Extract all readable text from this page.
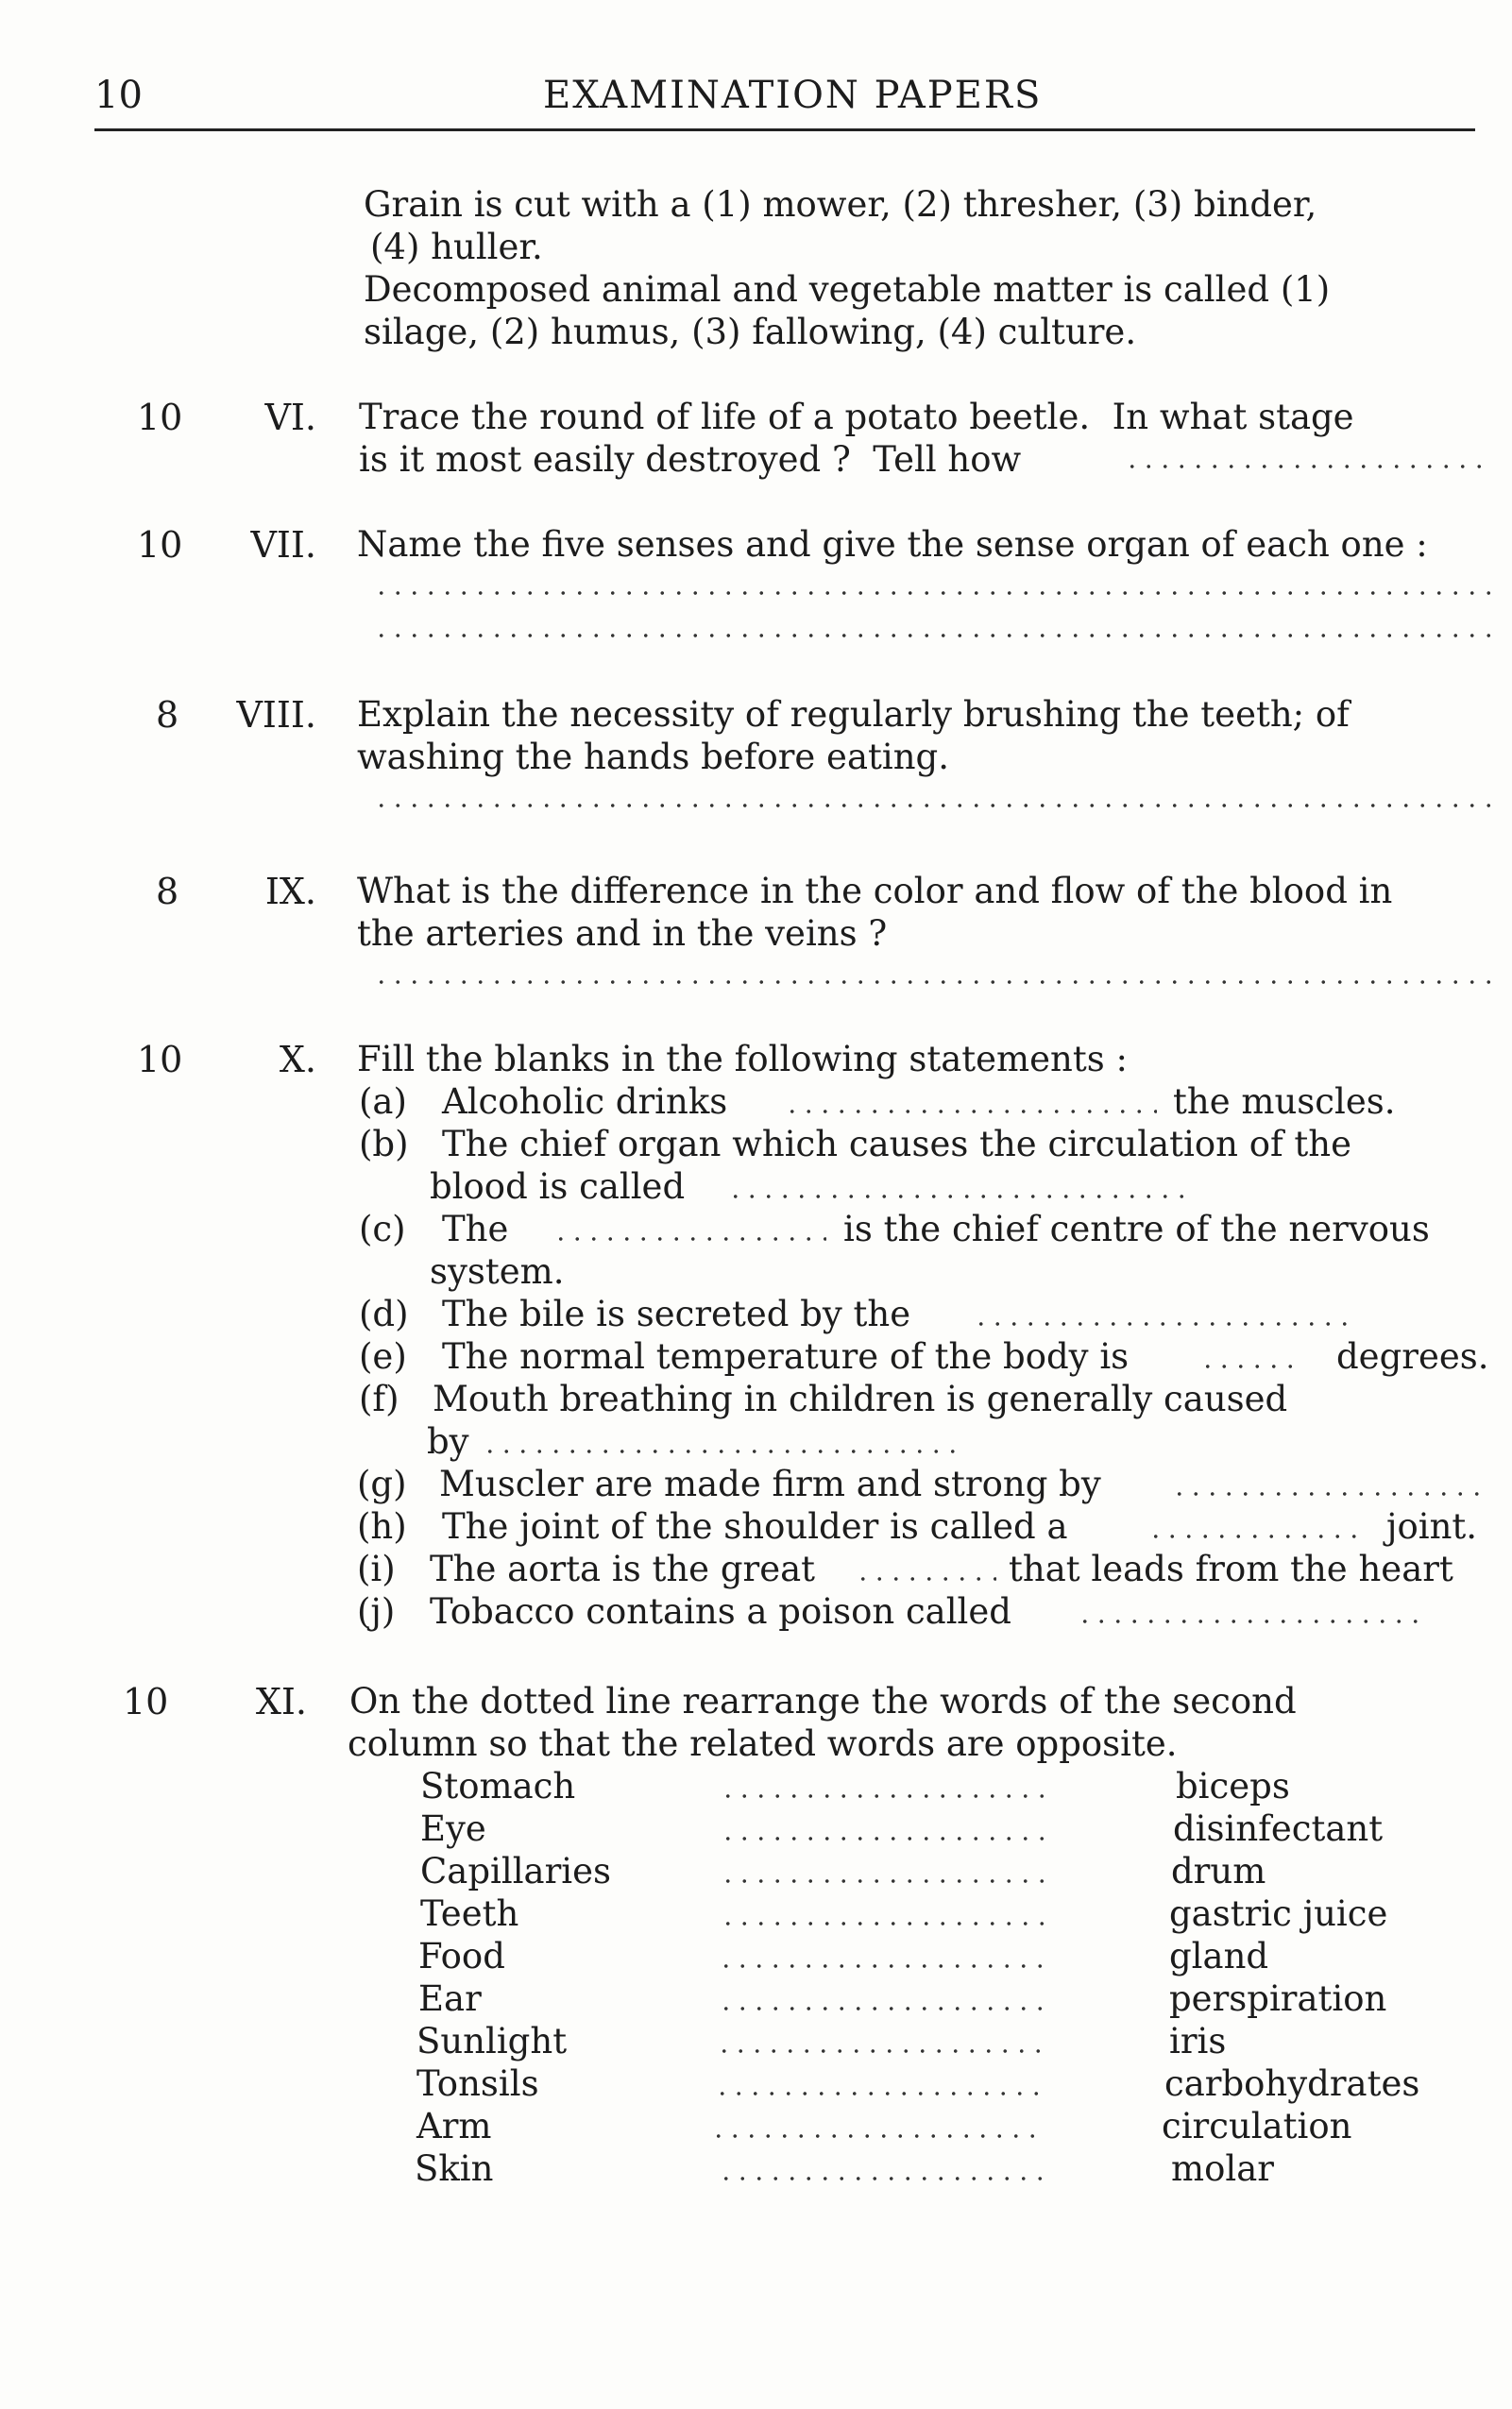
10	EXAMINATION PAPERS
Grain is cut with a (1) mower, (2) thresher, (3) binder,
(4) huller.
Decomposed animal and vegetable matter is called (1)
silage, (2) humus, (3) fallowing, (4) culture.
10	VI. Trace the round of life of a potato beetle.  In what stage
is it most easily destroyed ?  Tell how
10	VII. Name the five senses and give the sense organ of each one :
8	VIII. Explain the necessity of regularly brushing the teeth; of
washing the hands before eating.
8	IX. What is the difference in the color and flow of the blood in
the arteries and in the veins ?
10	X. Fill the blanks in the following statements :
(a) Alcoholic drinks	the muscles.
(b) The chief organ which causes the circulation of the
blood is called
(c) The	is the chief centre of the nervous
system.
(d) The bile is secreted by the
(e) The normal temperature of the body is	degrees.
(f) Mouth breathing in children is generally caused
by
(g) Muscler are made firm and strong by
(h) The joint of the shoulder is called a	joint.
(i) The aorta is the great	that leads from the heart
(j) Tobacco contains a poison called
10	XI. On the dotted line rearrange the words of the second
column so that the related words are opposite.
Stomach	biceps
Eye	disinfectant
Capillaries	drum
Teeth	gastric juice
Food	gland
Ear	perspiration
Sunlight	iris
Tonsils	carbohydrates
Arm	circulation
Skin	molar
